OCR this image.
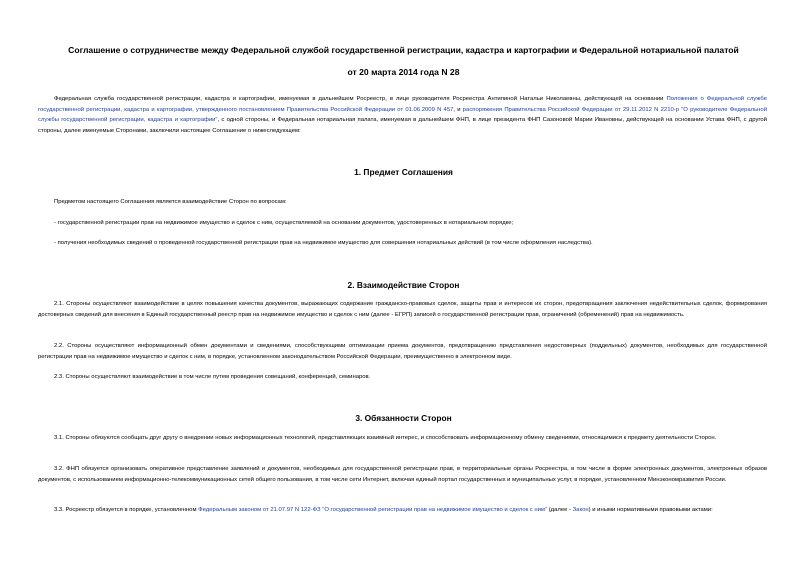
Соглашение о сотрудничестве между Федеральной службой государственной регистрации, кадастра и картографии и Федеральной нотариальной палатой
от 20 марта 2014 года N 28

Федеральная служба государственной регистрации, кадастра и картографии, именуемая в дальнейшем Росреестр, в лице руководителя Росреестра Антипиной Натальи Николаевны, действующей на основании Положения о Федеральной службе государственной регистрации, кадастра и картографии, утвержденного постановлением Правительства Российской Федерации от 01.06.2009 N 457, и распоряжения Правительства Российской Федерации от 29.11.2012 N 2210-р "О руководителе Федеральной службы государственной регистрации, кадастра и картографии", с одной стороны, и Федеральная нотариальная палата, именуемая в дальнейшем ФНП, в лице президента ФНП Сазоновой Марии Ивановны, действующей на основании Устава ФНП, с другой стороны, далее именуемые Сторонами, заключили настоящее Соглашение о нижеследующем:

1. Предмет Соглашения

Предметом настоящего Соглашения является взаимодействие Сторон по вопросам:

- государственной регистрации прав на недвижимое имущество и сделок с ним, осуществляемой на основании документов, удостоверенных в нотариальном порядке;

- получения необходимых сведений о проведенной государственной регистрации прав на недвижимое имущество для совершения нотариальных действий (в том числе оформления наследства).

2. Взаимодействие Сторон

2.1. Стороны осуществляют взаимодействие в целях повышения качества документов, выражающих содержание гражданско-правовых сделок, защиты прав и интересов их сторон, предотвращения заключения недействительных сделок, формирования достоверных сведений для внесения в Единый государственный реестр прав на недвижимое имущество и сделок с ним (далее - ЕГРП) записей о государственной регистрации прав, ограничений (обременений) прав на недвижимость.

2.2. Стороны осуществляют информационный обмен документами и сведениями, способствующими оптимизации приема документов, предотвращению представления недостоверных (поддельных) документов, необходимых для государственной регистрации прав на недвижимое имущество и сделок с ним, в порядке, установленном законодательством Российской Федерации, преимущественно в электронном виде.

2.3. Стороны осуществляют взаимодействие в том числе путем проведения совещаний, конференций, семинаров.

3. Обязанности Сторон

3.1. Стороны обязуются сообщать друг другу о внедрении новых информационных технологий, представляющих взаимный интерес, и способствовать информационному обмену сведениями, относящимися к предмету деятельности Сторон.

3.2. ФНП обязуется организовать оперативное представление заявлений и документов, необходимых для государственной регистрации прав, в территориальные органы Росреестра, в том числе в форме электронных документов, электронных образов документов, с использованием информационно-телекоммуникационных сетей общего пользования, в том числе сети Интернет, включая единый портал государственных и муниципальных услуг, в порядке, установленном Минэкономразвития России.

3.3. Росреестр обязуется в порядке, установленном Федеральным законом от 21.07.97 N 122-ФЗ "О государственной регистрации прав на недвижимое имущество и сделок с ним" (далее - Закон) и иными нормативными правовыми актами:
